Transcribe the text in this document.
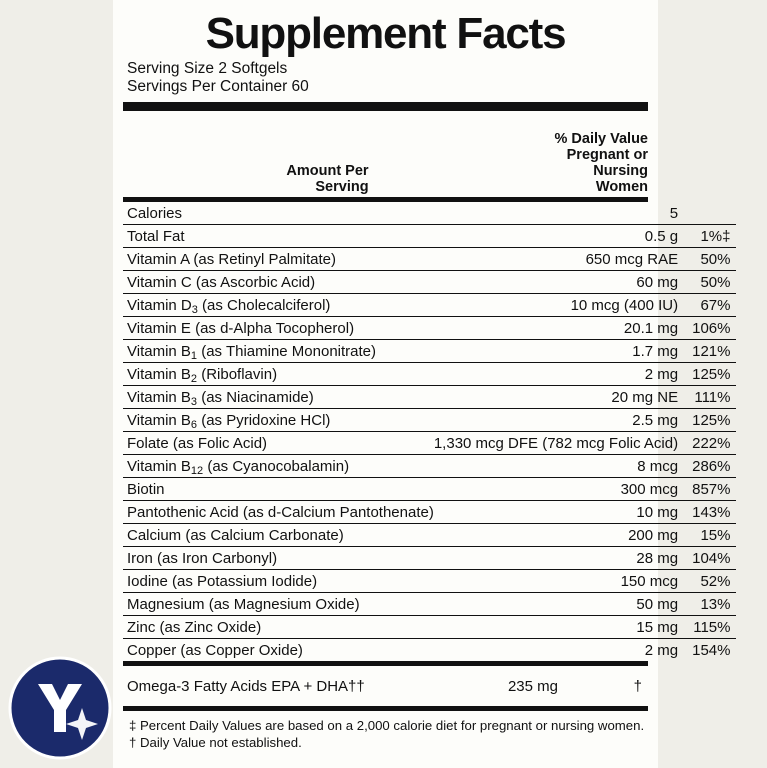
Supplement Facts
Serving Size 2 Softgels
Servings Per Container 60
	Amount Per
Serving	% Daily Value
Pregnant or
Nursing
Women
Calories	5	
Total Fat	0.5 g	1%‡
Vitamin A (as Retinyl Palmitate)	650 mcg RAE	50%
Vitamin C (as Ascorbic Acid)	60 mg	50%
Vitamin $D_3$ (as Cholecalciferol)	10 mcg (400 IU)	67%
Vitamin E (as d-Alpha Tocopherol)	20.1 mg	106%
Vitamin $B_1$ (as Thiamine Mononitrate)	1.7 mg	121%
Vitamin $B_2$ (Riboflavin)	2 mg	125%
Vitamin $B_3$ (as Niacinamide)	20 mg NE	111%
Vitamin $B_6$ (as Pyridoxine HCl)	2.5 mg	125%
Folate (as Folic Acid)	1,330 mcg DFE (782 mcg Folic Acid)	222%
Vitamin $B_{12}$ (as Cyanocobalamin)	8 mcg	286%
Biotin	300 mcg	857%
Pantothenic Acid (as d-Calcium Pantothenate)	10 mg	143%
Calcium (as Calcium Carbonate)	200 mg	15%
Iron (as Iron Carbonyl)	28 mg	104%
Iodine (as Potassium Iodide)	150 mcg	52%
Magnesium (as Magnesium Oxide)	50 mg	13%
Zinc (as Zinc Oxide)	15 mg	115%
Copper (as Copper Oxide)	2 mg	154%

Omega-3 Fatty Acids EPA + DHA††	235 mg	†

‡ Percent Daily Values are based on a 2,000 calorie diet for pregnant or nursing women.
† Daily Value not established.
